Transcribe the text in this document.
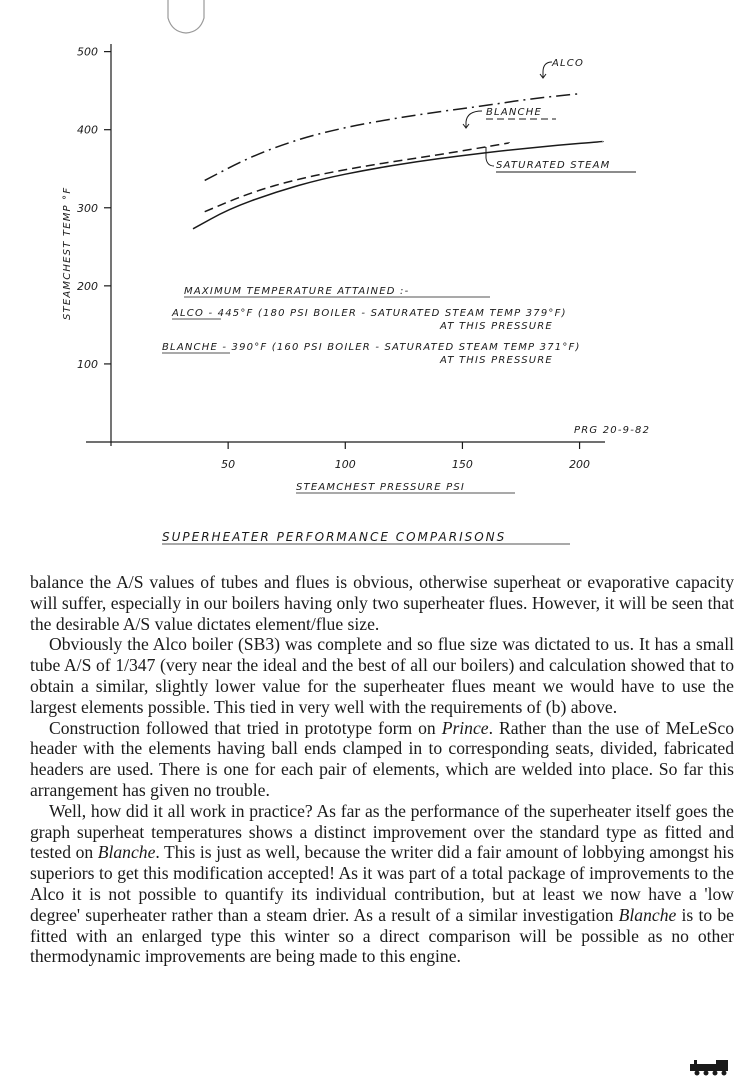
100
200
300
400
500
50	100	150	200
STEAMCHEST TEMP °F
STEAMCHEST PRESSURE PSI
ALCO
BLANCHE
SATURATED STEAM
MAXIMUM TEMPERATURE ATTAINED :-
ALCO - 445°F (180 PSI BOILER - SATURATED STEAM TEMP 379°F)
AT THIS PRESSURE
BLANCHE - 390°F (160 PSI BOILER - SATURATED STEAM TEMP 371°F)
AT THIS PRESSURE
PRG 20-9-82
SUPERHEATER PERFORMANCE COMPARISONS

balance the A/S values of tubes and flues is obvious, otherwise superheat or evaporative capacity will suffer, especially in our boilers having only two superheater flues. However, it will be seen that the desirable A/S value dictates element/flue size.

Obviously the Alco boiler (SB3) was complete and so flue size was dictated to us. It has a small tube A/S of 1/347 (very near the ideal and the best of all our boilers) and calculation showed that to obtain a similar, slightly lower value for the superheater flues meant we would have to use the largest elements possible. This tied in very well with the requirements of (b) above.

Construction followed that tried in prototype form on Prince. Rather than the use of MeLeSco header with the elements having ball ends clamped in to corresponding seats, divided, fabricated headers are used. There is one for each pair of elements, which are welded into place. So far this arrangement has given no trouble.

Well, how did it all work in practice? As far as the performance of the superheater itself goes the graph superheat temperatures shows a distinct improvement over the standard type as fitted and tested on Blanche. This is just as well, because the writer did a fair amount of lobbying amongst his superiors to get this modification accepted! As it was part of a total package of improvements to the Alco it is not possible to quantify its individual contribution, but at least we now have a 'low degree' superheater rather than a steam drier. As a result of a similar investigation Blanche is to be fitted with an enlarged type this winter so a direct comparison will be possible as no other thermodynamic improvements are being made to this engine.
